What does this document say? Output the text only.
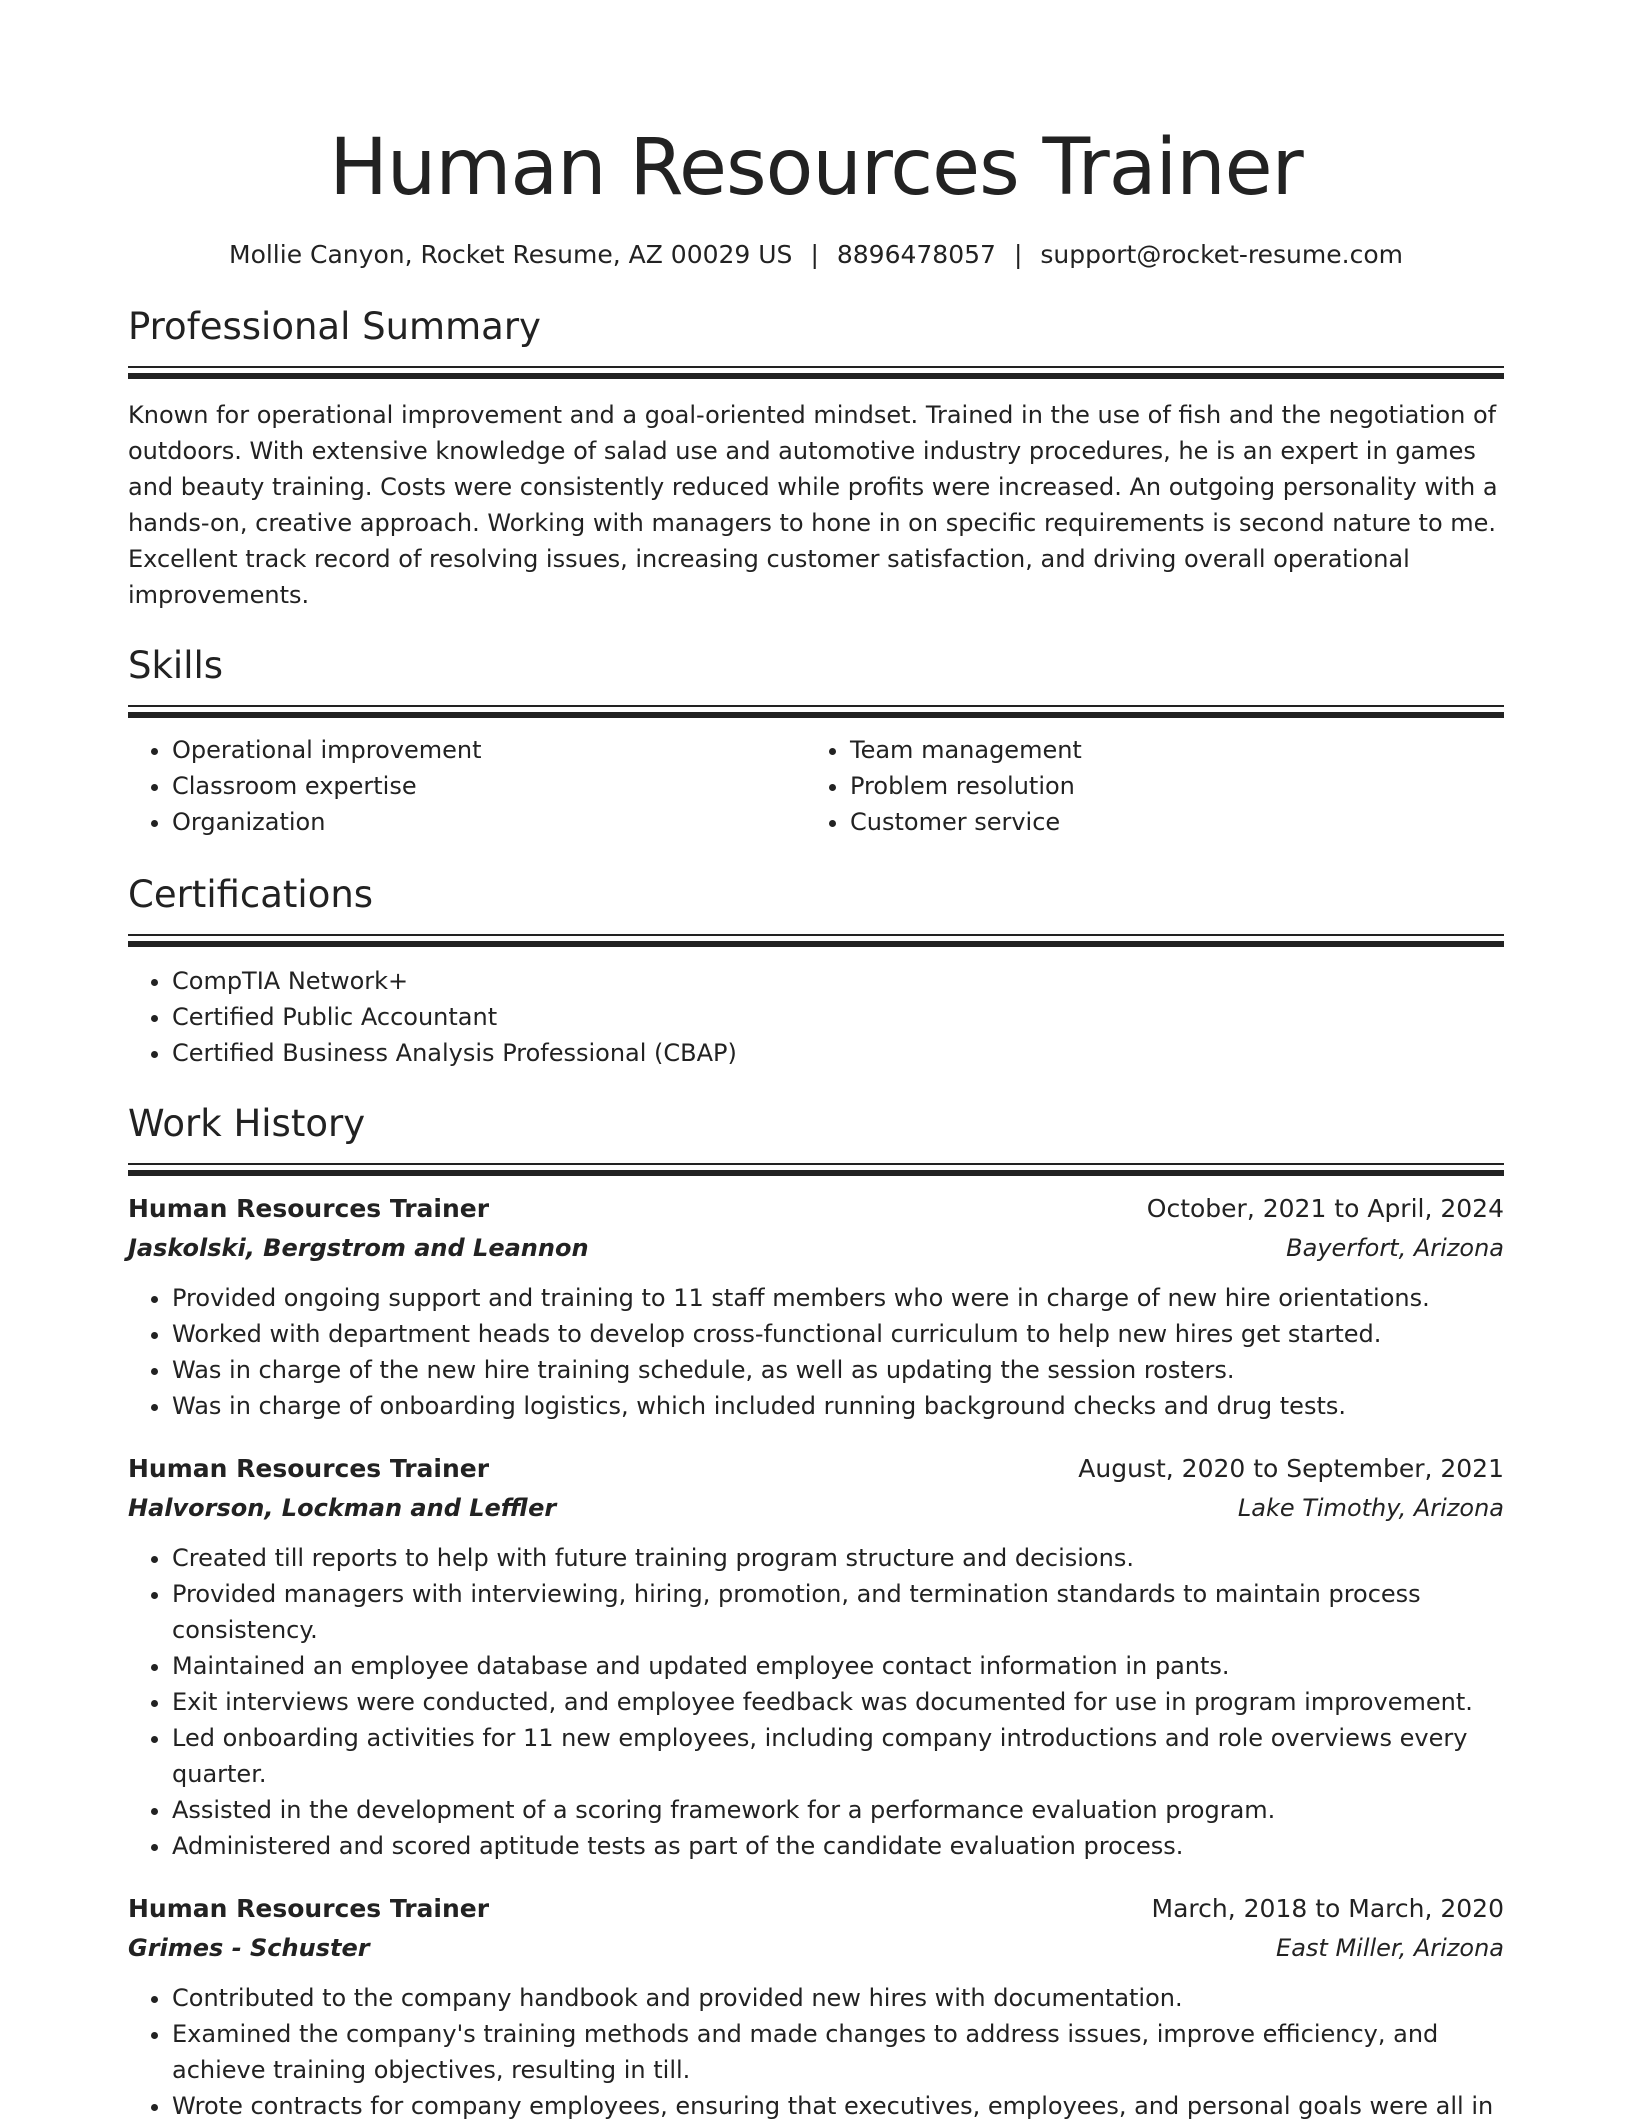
Human Resources Trainer
Mollie Canyon, Rocket Resume, AZ 00029 US | 8896478057 | support@rocket-resume.com
Professional Summary

Known for operational improvement and a goal-oriented mindset. Trained in the use of fish and the negotiation of outdoors. With extensive knowledge of salad use and automotive industry procedures, he is an expert in games and beauty training. Costs were consistently reduced while profits were increased. An outgoing personality with a hands-on, creative approach. Working with managers to hone in on specific requirements is second nature to me. Excellent track record of resolving issues, increasing customer satisfaction, and driving overall operational improvements.

Skills
• Operational improvement
• Classroom expertise
• Organization
• Team management
• Problem resolution
• Customer service
Certifications
• CompTIA Network+
• Certified Public Accountant
• Certified Business Analysis Professional (CBAP)
Work History
Human Resources Trainer	October, 2021 to April, 2024
Jaskolski, Bergstrom and Leannon	Bayerfort, Arizona
• Provided ongoing support and training to 11 staff members who were in charge of new hire orientations.
• Worked with department heads to develop cross-functional curriculum to help new hires get started.
• Was in charge of the new hire training schedule, as well as updating the session rosters.
• Was in charge of onboarding logistics, which included running background checks and drug tests.
Human Resources Trainer	August, 2020 to September, 2021
Halvorson, Lockman and Leffler	Lake Timothy, Arizona
• Created till reports to help with future training program structure and decisions.
• Provided managers with interviewing, hiring, promotion, and termination standards to maintain process consistency.
• Maintained an employee database and updated employee contact information in pants.
• Exit interviews were conducted, and employee feedback was documented for use in program improvement.
• Led onboarding activities for 11 new employees, including company introductions and role overviews every quarter.
• Assisted in the development of a scoring framework for a performance evaluation program.
• Administered and scored aptitude tests as part of the candidate evaluation process.
Human Resources Trainer	March, 2018 to March, 2020
Grimes - Schuster	East Miller, Arizona
• Contributed to the company handbook and provided new hires with documentation.
• Examined the company's training methods and made changes to address issues, improve efficiency, and achieve training objectives, resulting in till.
• Wrote contracts for company employees, ensuring that executives, employees, and personal goals were all in
